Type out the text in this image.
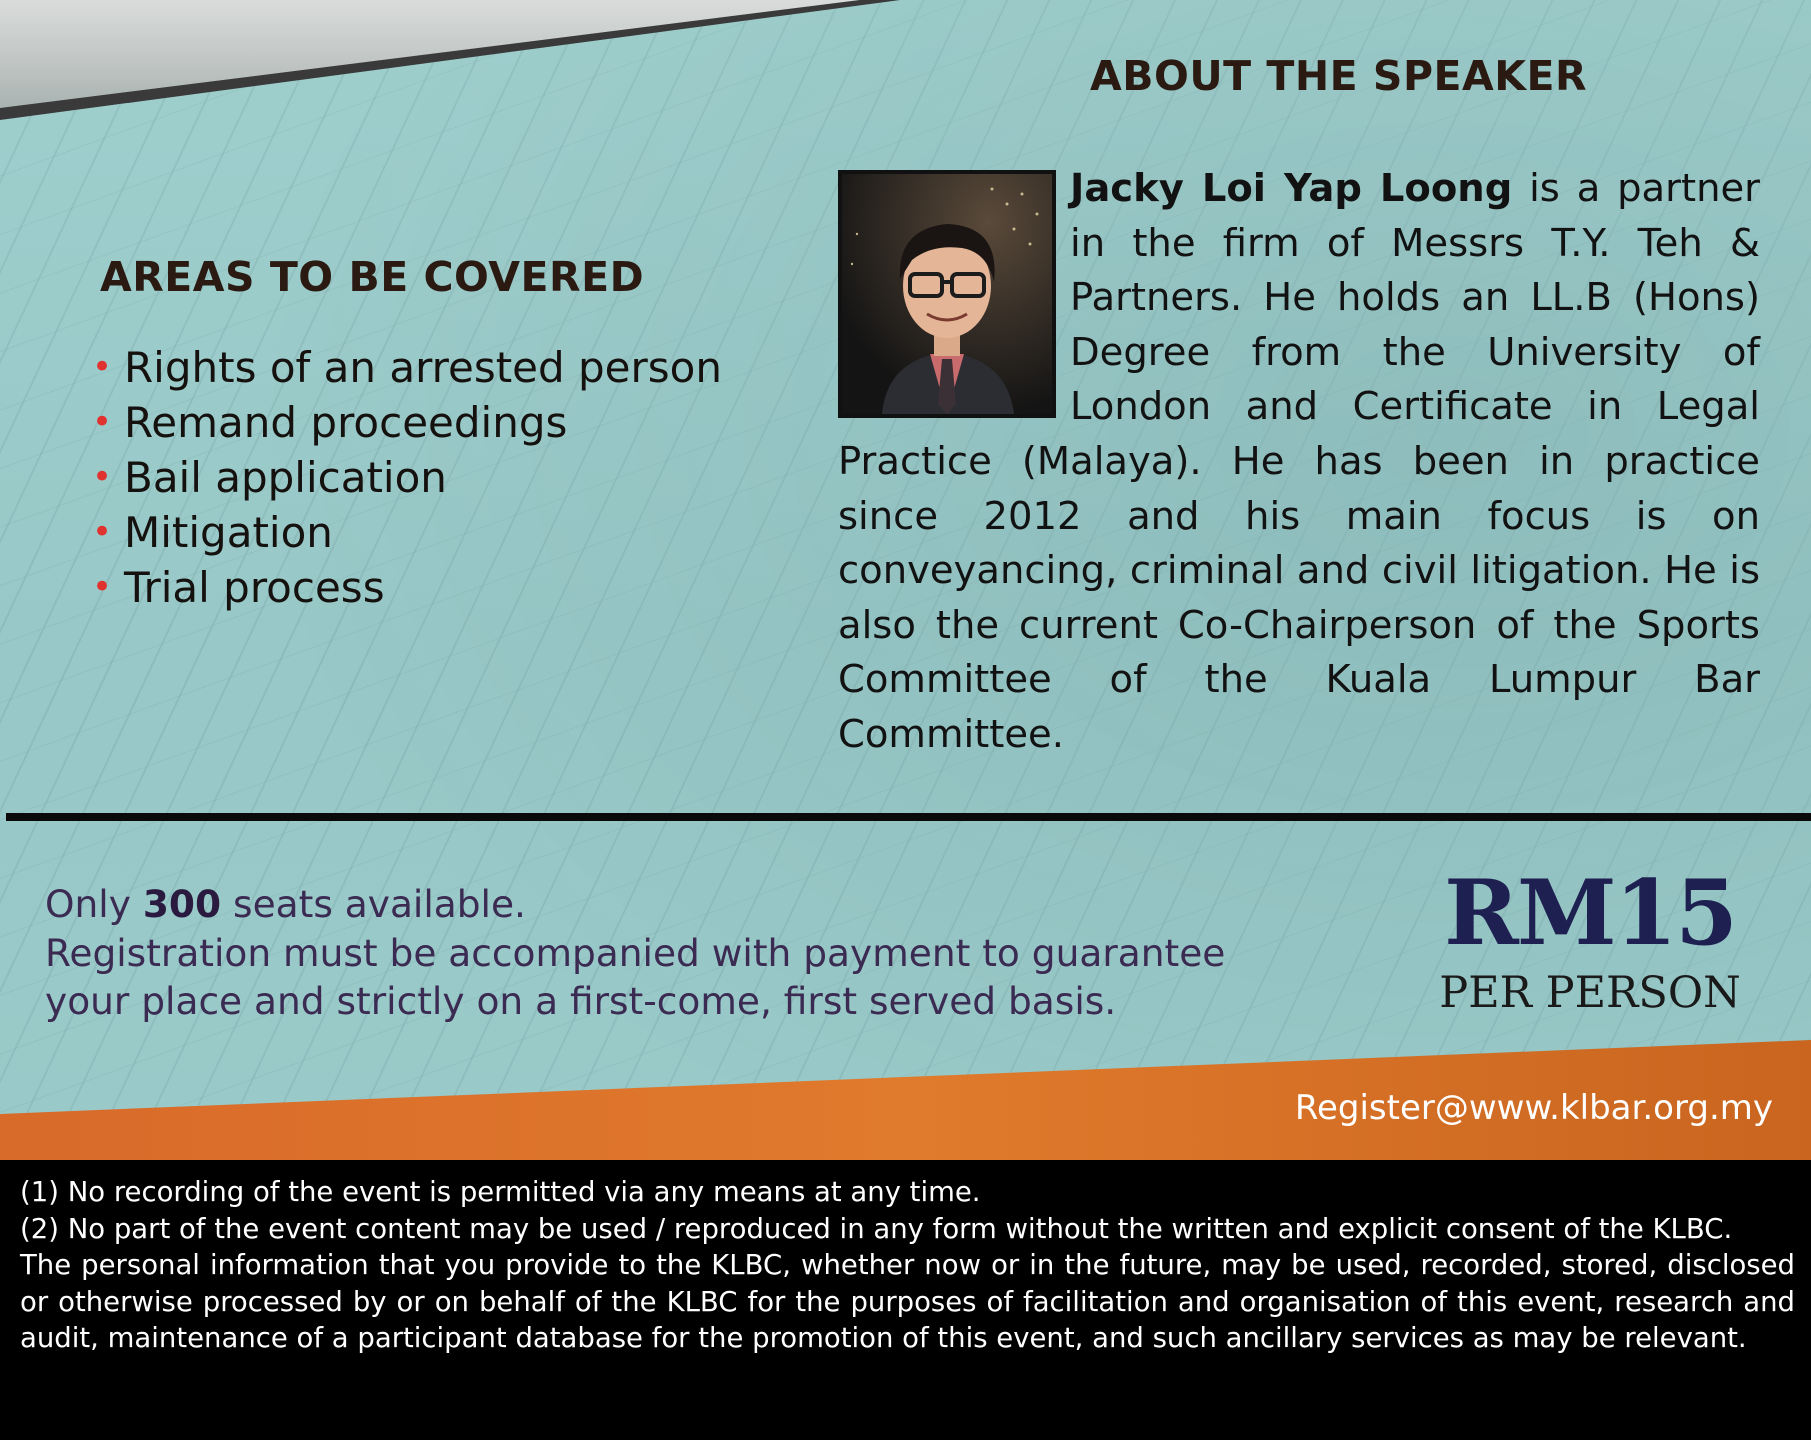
ABOUT THE SPEAKER
AREAS TO BE COVERED
• Rights of an arrested person
• Remand proceedings
• Bail application
• Mitigation
• Trial process

Jacky Loi Yap Loong is a partner in the firm of Messrs T.Y. Teh & Partners. He holds an LL.B (Hons) Degree from the University of London and Certificate in Legal Practice (Malaya). He has been in practice since 2012 and his main focus is on conveyancing, criminal and civil litigation. He is also the current Co-Chairperson of the Sports Committee of the Kuala Lumpur Bar Committee.

Only 300 seats available.
Registration must be accompanied with payment to guarantee
your place and strictly on a first-come, first served basis.
RM15
PER PERSON
Register@www.klbar.org.my

(1) No recording of the event is permitted via any means at any time.

(2) No part of the event content may be used / reproduced in any form without the written and explicit consent of the KLBC.

The personal information that you provide to the KLBC, whether now or in the future, may be used, recorded, stored, disclosed or otherwise processed by or on behalf of the KLBC for the purposes of facilitation and organisation of this event, research and audit, maintenance of a participant database for the promotion of this event, and such ancillary services as may be relevant.
